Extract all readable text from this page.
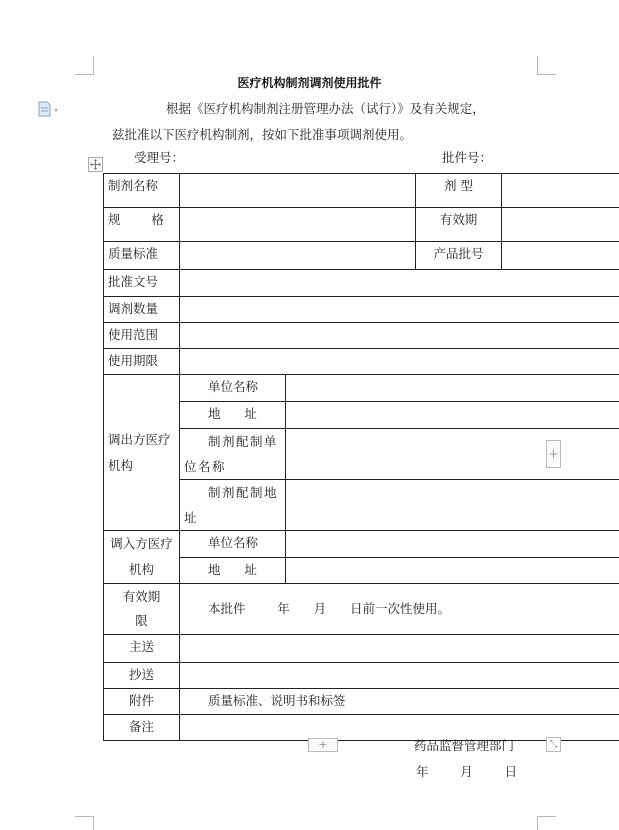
医疗机构制剂调剂使用批件
根据《医疗机构制剂注册管理办法（试行）》及有关规定，
兹批准以下医疗机构制剂，按如下批准事项调剂使用。
受理号：	批件号：
制剂名称			剂 型	
规      格			有效期	
质量标准			产品批号	
批准文号				
调剂数量				
使用范围				
使用期限				
调出方医疗机构	单位名称			
	地      址			
	制剂配制单位名称			
	制剂配制地址			
调入方医疗机构	单位名称			
	地      址			
有效期限	本批件        年      月      日前一次性使用。			
主送				
抄送				
附件	质量标准、说明书和标签			
备注				
+
+	⤡
药品监督管理部门
年        月        日
